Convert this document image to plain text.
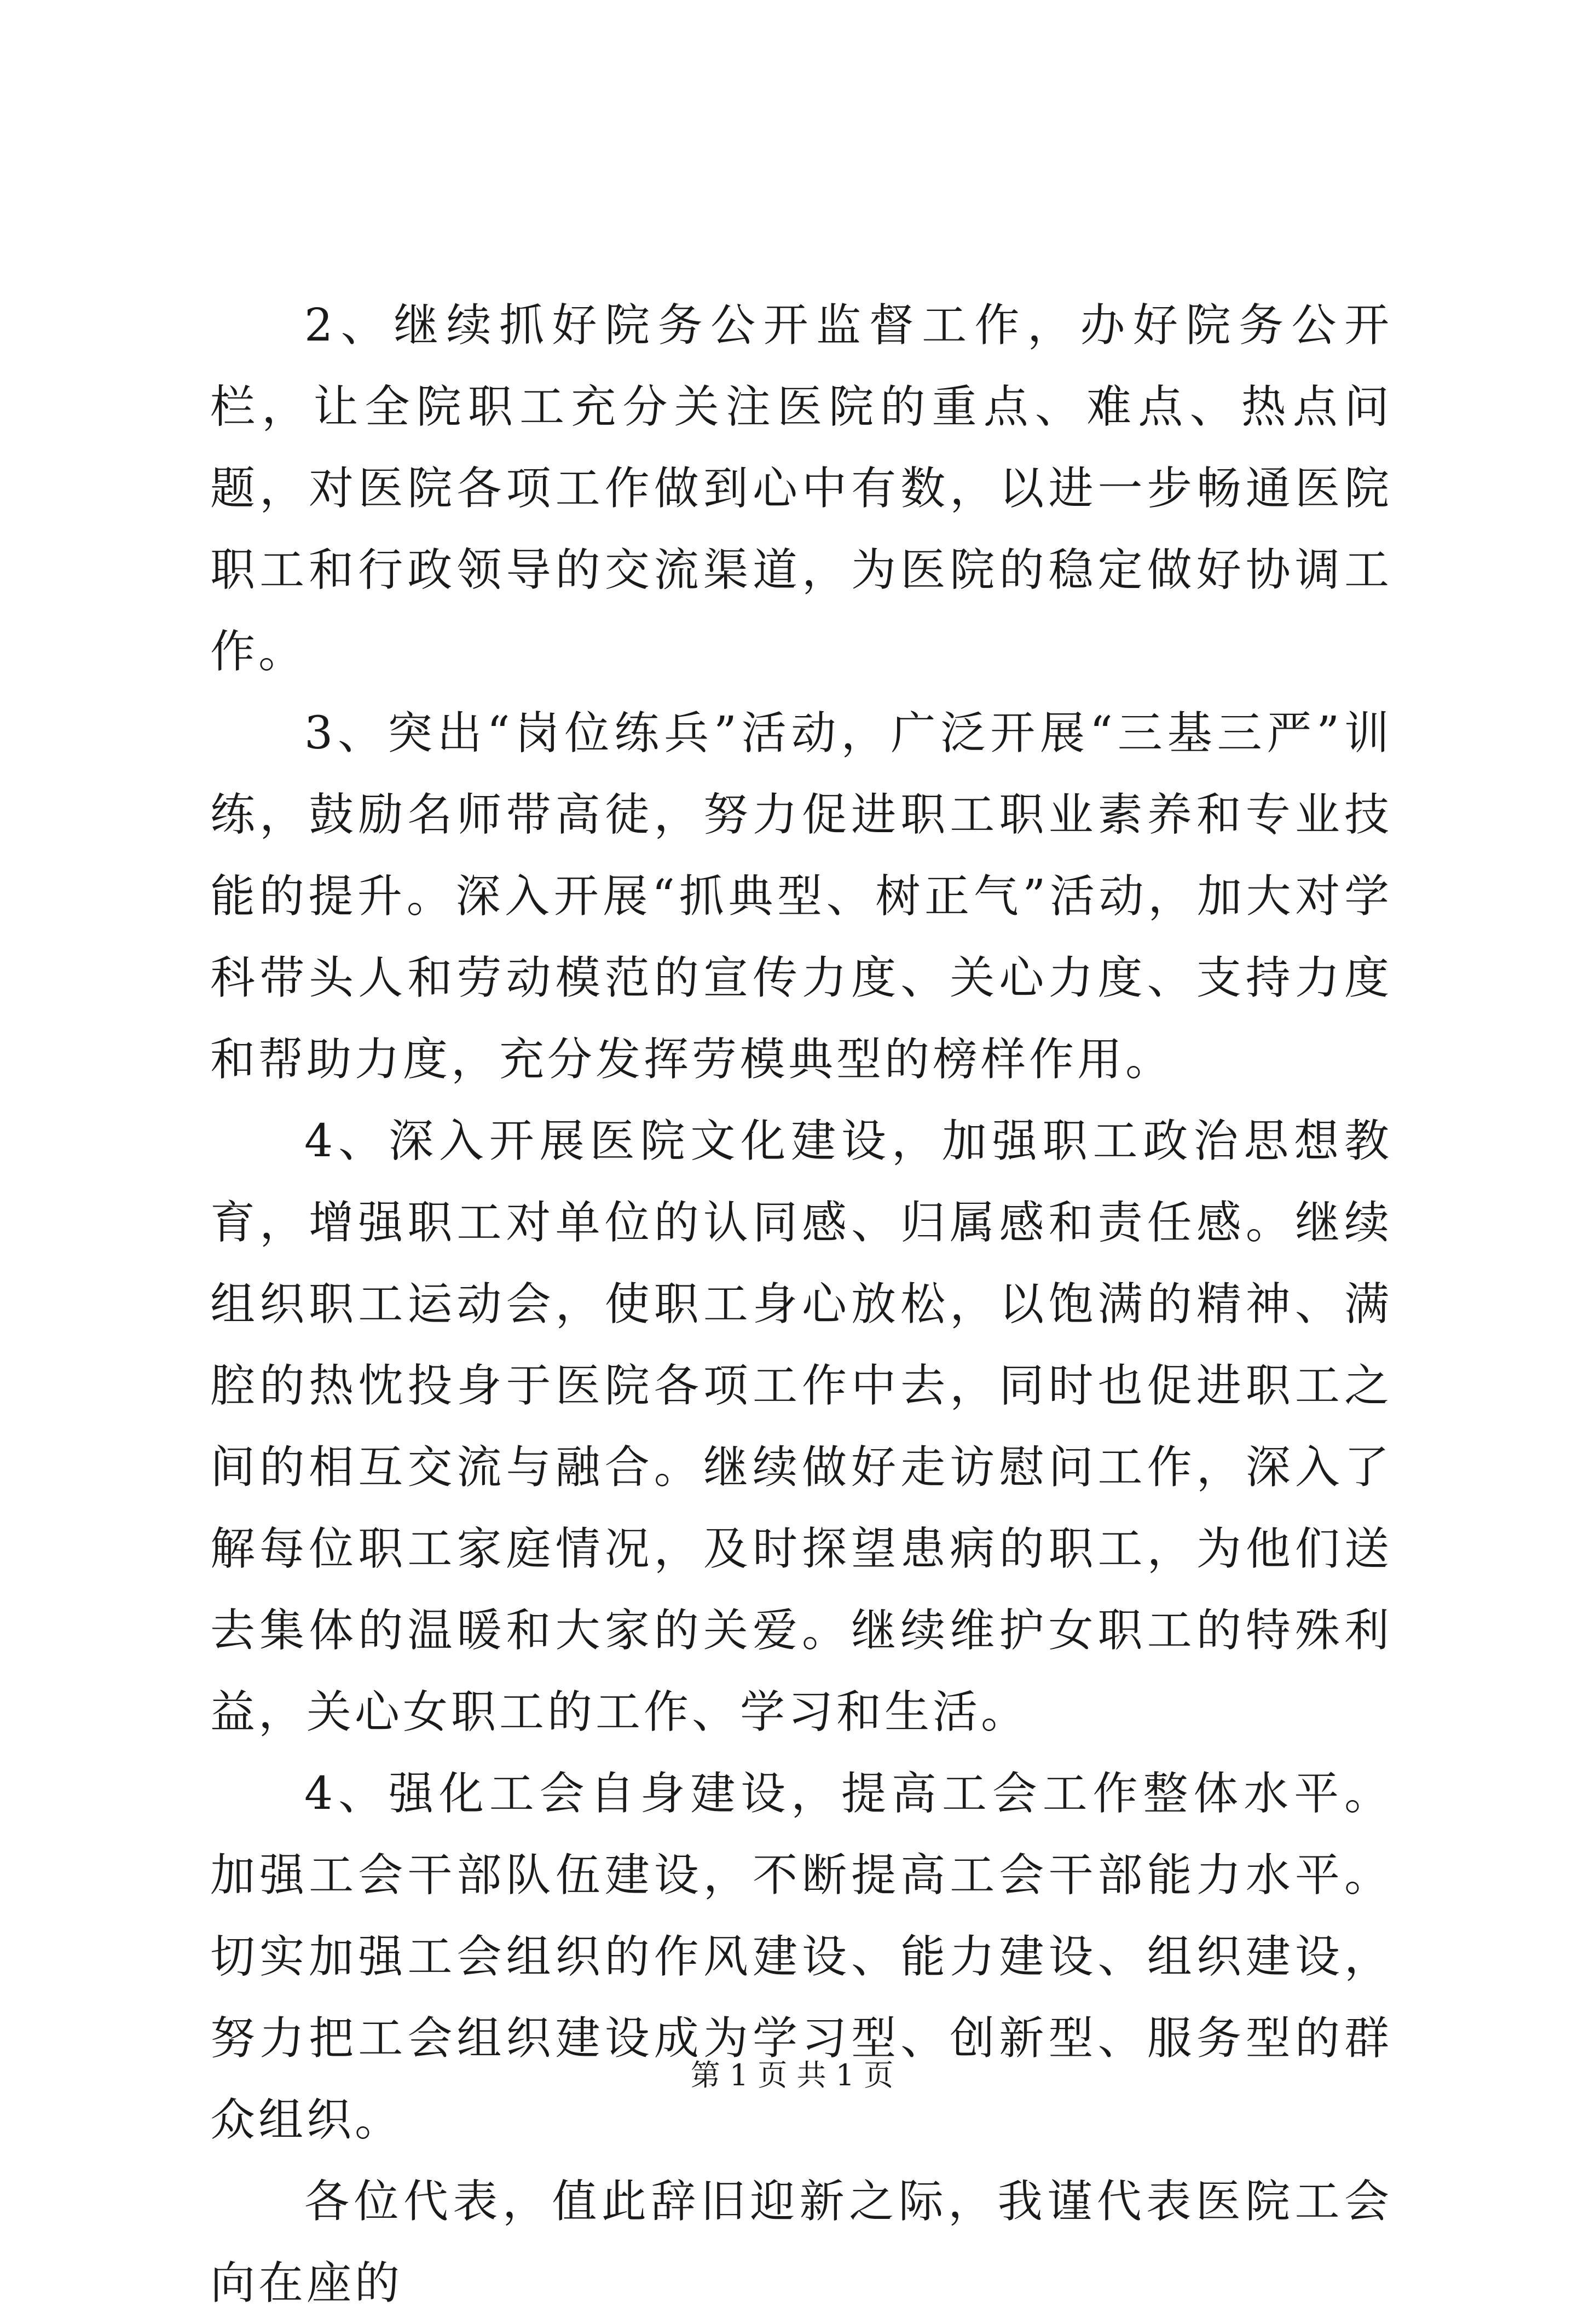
2、继续抓好院务公开监督工作，办好院务公开栏，让全院职工充分关注医院的重点、难点、热点问题，对医院各项工作做到心中有数，以进一步畅通医院职工和行政领导的交流渠道，为医院的稳定做好协调工作。

3、突出“岗位练兵”活动，广泛开展“三基三严”训练，鼓励名师带高徒，努力促进职工职业素养和专业技能的提升。深入开展“抓典型、树正气”活动，加大对学科带头人和劳动模范的宣传力度、关心力度、支持力度和帮助力度，充分发挥劳模典型的榜样作用。

4、深入开展医院文化建设，加强职工政治思想教育，增强职工对单位的认同感、归属感和责任感。继续组织职工运动会，使职工身心放松，以饱满的精神、满腔的热忱投身于医院各项工作中去，同时也促进职工之间的相互交流与融合。继续做好走访慰问工作，深入了解每位职工家庭情况，及时探望患病的职工，为他们送去集体的温暖和大家的关爱。继续维护女职工的特殊利益，关心女职工的工作、学习和生活。

4、强化工会自身建设，提高工会工作整体水平。加强工会干部队伍建设，不断提高工会干部能力水平。切实加强工会组织的作风建设、能力建设、组织建设，努力把工会组织建设成为学习型、创新型、服务型的群众组织。

各位代表，值此辞旧迎新之际，我谨代表医院工会向在座的

第 1 页 共 1 页
